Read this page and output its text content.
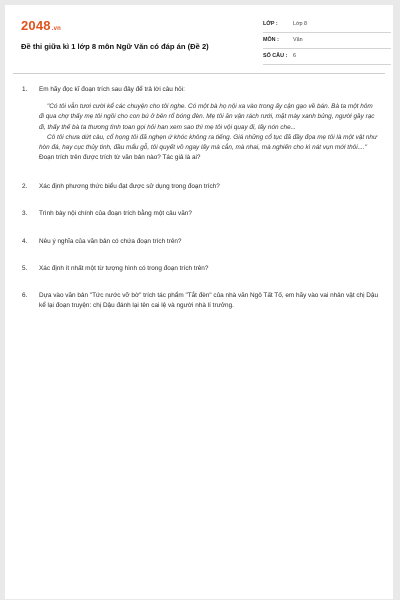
2048.vn
Đề thi giữa kì 1 lớp 8 môn Ngữ Văn có đáp án (Đề 2)
LỚP :	Lớp 8
MÔN :	Văn
SỐ CÂU : 6
1. Em hãy đọc kĩ đoạn trích sau đây để trả lời câu hỏi:
"Có tôi vẫn tươi cười kể các chuyện cho tôi nghe. Có một bà họ nội xa vào trong ấy cận gạo về bán. Bà ta một hôm đi qua chợ thấy mẹ tôi ngồi cho con bú ở bên rổ bóng đèn. Mẹ tôi ăn vận rách rưới, mặt mày xanh bủng, người gầy rạc đi, thấy thế bà ta thương tình toan gọi hỏi han xem sao thì mẹ tôi vội quay đi, lấy nón che...
Cô tôi chưa dứt câu, cổ họng tôi đã nghẹn ứ khóc không ra tiếng. Giá những cổ tục đã đầy đọa mẹ tôi là một vật như hòn đá, hay cục thủy tinh, đầu mẩu gỗ, tôi quyết vồ ngay lấy mà cắn, mà nhai, mà nghiến cho kì nát vụn mới thôi...."
Đoạn trích trên được trích từ văn bản nào? Tác giả là ai?
2. Xác định phương thức biểu đạt được sử dụng trong đoạn trích?
3. Trình bày nội chính của đoạn trích bằng một câu văn?
4. Nêu ý nghĩa của văn bản có chứa đoạn trích trên?
5. Xác định ít nhất một từ tượng hình có trong đoạn trích trên?
6. Dựa vào văn bản "Tức nước vỡ bờ" trích tác phẩm "Tắt đèn" của nhà văn Ngô Tất Tố, em hãy vào vai nhân vật chị Dậu kể lại đoạn truyện: chị Dậu đánh lại tên cai lệ và người nhà lí trưởng.
